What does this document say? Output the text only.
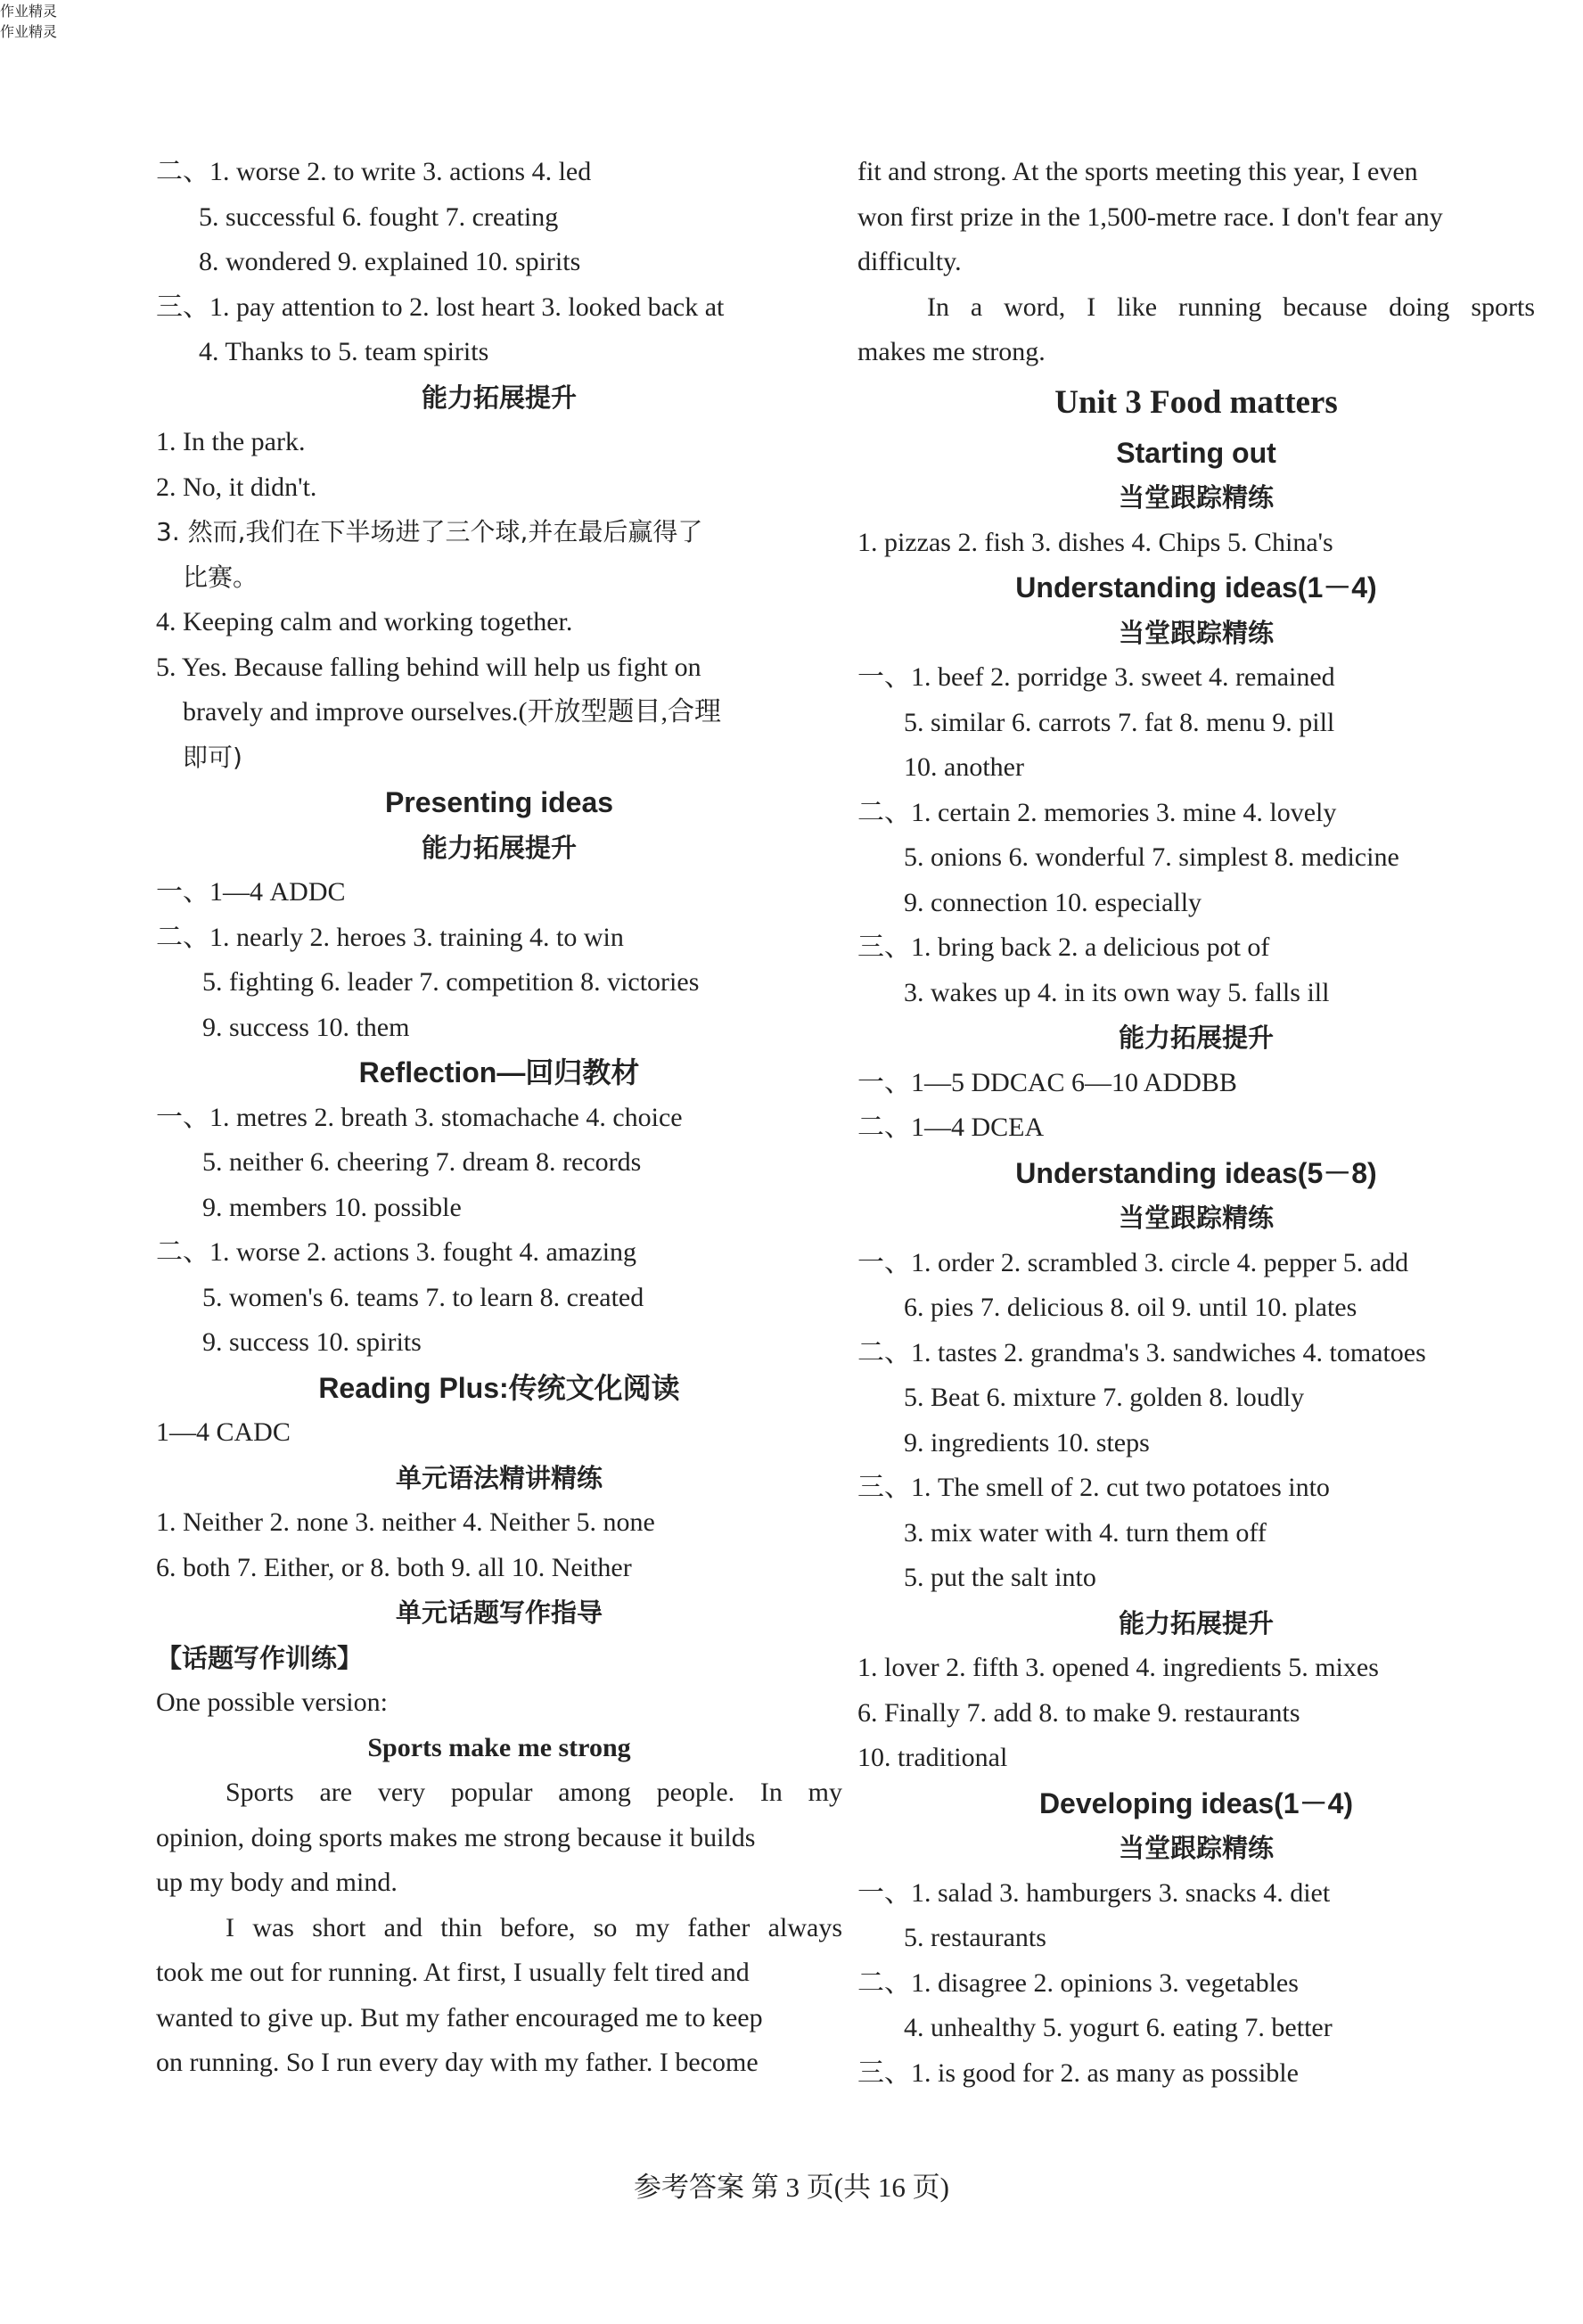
二、1. worse 2. to write 3. actions 4. led
5. successful 6. fought 7. creating
8. wondered 9. explained 10. spirits
三、1. pay attention to 2. lost heart 3. looked back at
4. Thanks to 5. team spirits
能力拓展提升
1. In the park.
2. No, it didn't.
3. 然而,我们在下半场进了三个球,并在最后赢得了
比赛。
4. Keeping calm and working together.
5. Yes. Because falling behind will help us fight on
bravely and improve ourselves.(开放型题目,合理
即可)
Presenting ideas
能力拓展提升
一、1—4 ADDC
二、1. nearly 2. heroes 3. training 4. to win
5. fighting 6. leader 7. competition 8. victories
9. success 10. them
Reflection—回归教材
一、1. metres 2. breath 3. stomachache 4. choice
5. neither 6. cheering 7. dream 8. records
9. members 10. possible
二、1. worse 2. actions 3. fought 4. amazing
5. women's 6. teams 7. to learn 8. created
9. success 10. spirits
Reading Plus:传统文化阅读
1—4 CADC
单元语法精讲精练
1. Neither 2. none 3. neither 4. Neither 5. none
6. both 7. Either, or 8. both 9. all 10. Neither
单元话题写作指导
【话题写作训练】
One possible version:
Sports make me strong
Sports are very popular among people. In my
opinion, doing sports makes me strong because it builds
up my body and mind.
I was short and thin before, so my father always
took me out for running. At first, I usually felt tired and
wanted to give up. But my father encouraged me to keep
on running. So I run every day with my father. I become
fit and strong. At the sports meeting this year, I even
won first prize in the 1,500-metre race. I don't fear any
difficulty.
In a word, I like running because doing sports
makes me strong.
Unit 3 Food matters
Starting out
当堂跟踪精练
1. pizzas 2. fish 3. dishes 4. Chips 5. China's
Understanding ideas(1－4)
当堂跟踪精练
一、1. beef 2. porridge 3. sweet 4. remained
5. similar 6. carrots 7. fat 8. menu 9. pill
10. another
二、1. certain 2. memories 3. mine 4. lovely
5. onions 6. wonderful 7. simplest 8. medicine
9. connection 10. especially
三、1. bring back 2. a delicious pot of
3. wakes up 4. in its own way 5. falls ill
能力拓展提升
一、1—5 DDCAC 6—10 ADDBB
二、1—4 DCEA
Understanding ideas(5－8)
当堂跟踪精练
一、1. order 2. scrambled 3. circle 4. pepper 5. add
6. pies 7. delicious 8. oil 9. until 10. plates
二、1. tastes 2. grandma's 3. sandwiches 4. tomatoes
5. Beat 6. mixture 7. golden 8. loudly
9. ingredients 10. steps
三、1. The smell of 2. cut two potatoes into
3. mix water with 4. turn them off
5. put the salt into
能力拓展提升
1. lover 2. fifth 3. opened 4. ingredients 5. mixes
6. Finally 7. add 8. to make 9. restaurants
10. traditional
Developing ideas(1－4)
当堂跟踪精练
一、1. salad 3. hamburgers 3. snacks 4. diet
5. restaurants
二、1. disagree 2. opinions 3. vegetables
4. unhealthy 5. yogurt 6. eating 7. better
三、1. is good for 2. as many as possible
作业精灵
作业精灵
参考答案 第 3 页(共 16 页)
